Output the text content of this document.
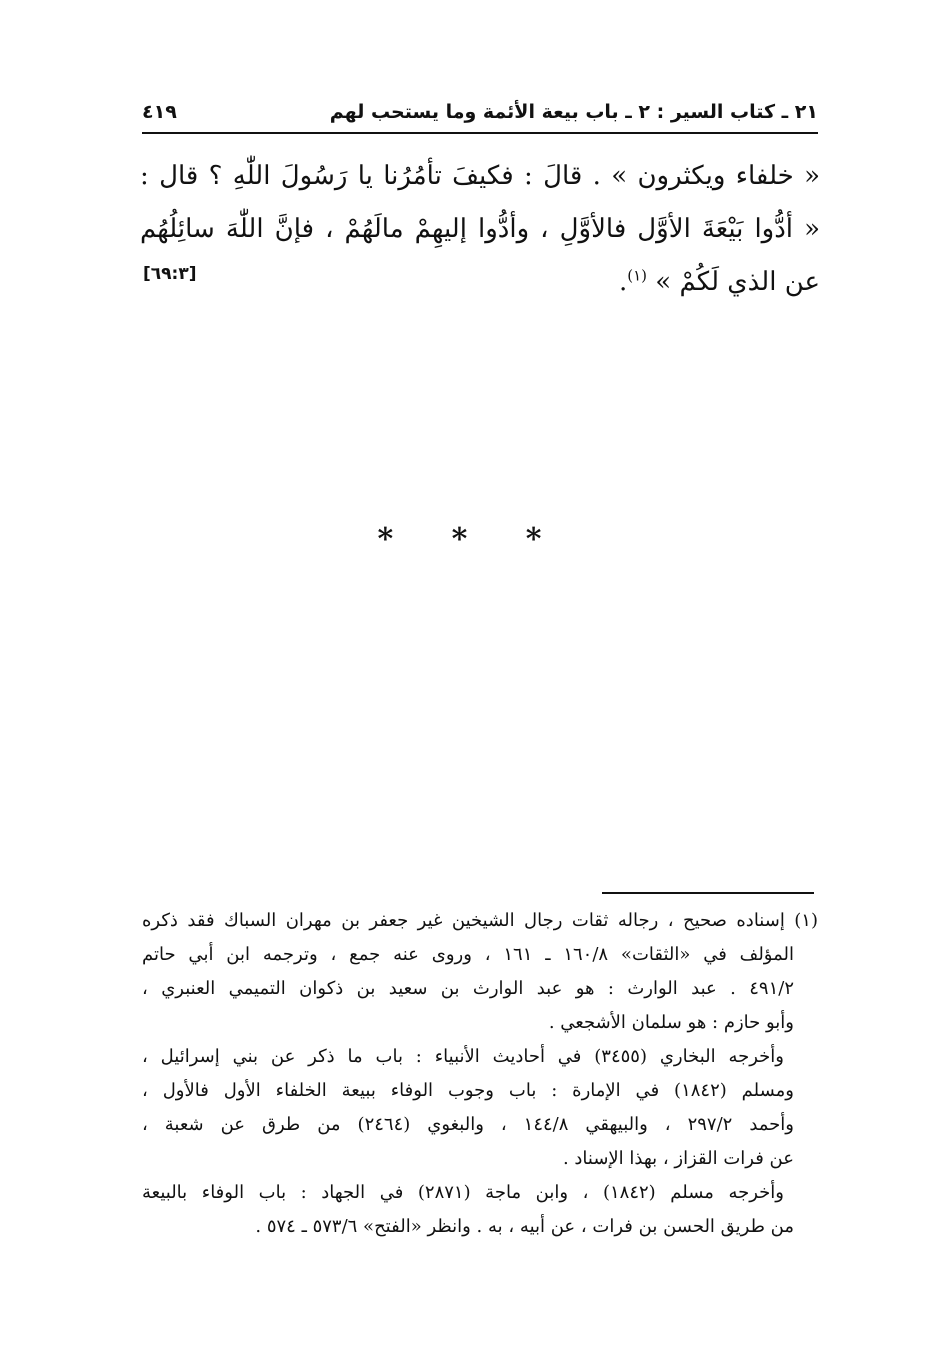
٢١ ـ كتاب السير : ٢ ـ باب بيعة الأئمة وما يستحب لهم
٤١٩
« خلفاء ويكثرون » . قالَ : فكيفَ تأمُرُنا يا رَسُولَ اللّٰهِ ؟ قال :
« أدُّوا بَيْعَةَ الأوَّل فالأوَّلِ ، وأدُّوا إليهِمْ مالَهُمْ ، فإنَّ اللّٰهَ سائِلُهُم
عن الذي لَكُمْ » $^{(١)}$.
[٦٩:٣]
* * *
(١) إسناده صحيح ، رجاله ثقات رجال الشيخين غير جعفر بن مهران السباك فقد ذكره
المؤلف في «الثقات» ١٦٠/٨ ـ ١٦١ ، وروى عنه جمع ، وترجمه ابن أبي حاتم
٤٩١/٢ . عبد الوارث : هو عبد الوارث بن سعيد بن ذكوان التميمي العنبري ،
وأبو حازم : هو سلمان الأشجعي .
وأخرجه البخاري (٣٤٥٥) في أحاديث الأنبياء : باب ما ذكر عن بني إسرائيل ،
ومسلم (١٨٤٢) في الإمارة : باب وجوب الوفاء ببيعة الخلفاء الأول فالأول ،
وأحمد ٢٩٧/٢ ، والبيهقي ١٤٤/٨ ، والبغوي (٢٤٦٤) من طرق عن شعبة ،
عن فرات القزاز ، بهذا الإسناد .
وأخرجه مسلم (١٨٤٢) ، وابن ماجة (٢٨٧١) في الجهاد : باب الوفاء بالبيعة
من طريق الحسن بن فرات ، عن أبيه ، به . وانظر «الفتح» ٥٧٣/٦ ـ ٥٧٤ .
